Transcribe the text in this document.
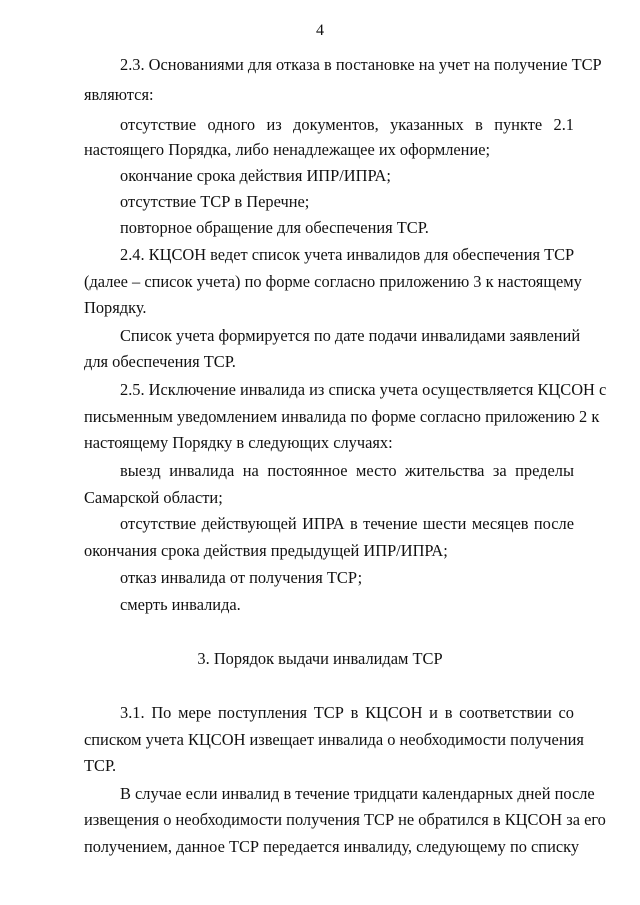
4
2.3. Основаниями для отказа в постановке на учет на получение ТСР
являются:
отсутствие одного из документов, указанных в пункте 2.1
настоящего Порядка, либо ненадлежащее их оформление;
окончание срока действия ИПР/ИПРА;
отсутствие ТСР в Перечне;
повторное обращение для обеспечения ТСР.
2.4. КЦСОН ведет список учета инвалидов для обеспечения ТСР
(далее – список учета) по форме согласно приложению 3 к настоящему
Порядку.
Список учета формируется по дате подачи инвалидами заявлений
для обеспечения ТСР.
2.5. Исключение инвалида из списка учета осуществляется КЦСОН с
письменным уведомлением инвалида по форме согласно приложению 2 к
настоящему Порядку в следующих случаях:
выезд инвалида на постоянное место жительства за пределы
Самарской области;
отсутствие действующей ИПРА в течение шести месяцев после
окончания срока действия предыдущей ИПР/ИПРА;
отказ инвалида от получения ТСР;
смерть инвалида.
3. Порядок выдачи инвалидам ТСР
3.1. По мере поступления ТСР в КЦСОН и в соответствии со
списком учета КЦСОН извещает инвалида о необходимости получения
ТСР.
В случае если инвалид в течение тридцати календарных дней после
извещения о необходимости получения ТСР не обратился в КЦСОН за его
получением, данное ТСР передается инвалиду, следующему по списку
